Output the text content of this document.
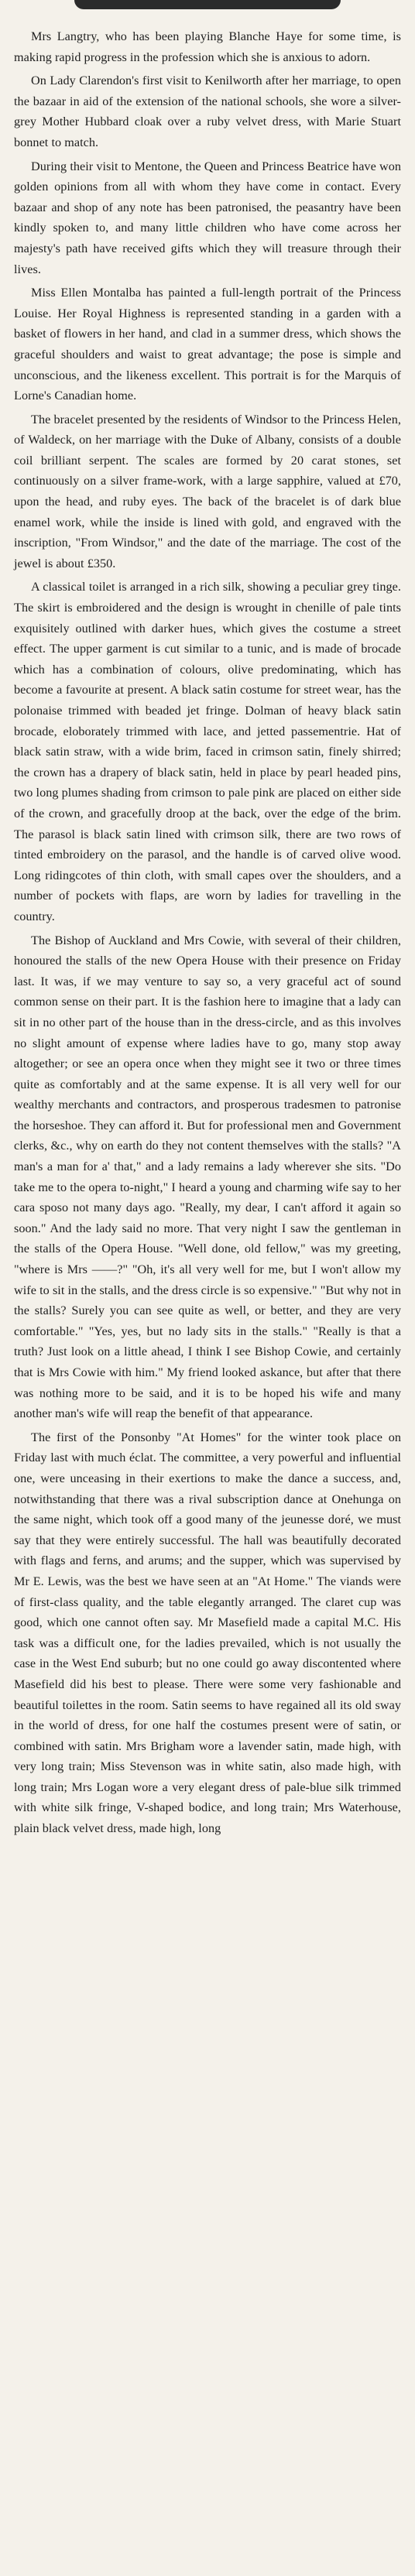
Mrs Langtry, who has been playing Blanche Haye for some time, is making rapid progress in the profession which she is anxious to adorn.

On Lady Clarendon's first visit to Kenilworth after her marriage, to open the bazaar in aid of the extension of the national schools, she wore a silver-grey Mother Hubbard cloak over a ruby velvet dress, with Marie Stuart bonnet to match.

During their visit to Mentone, the Queen and Princess Beatrice have won golden opinions from all with whom they have come in contact. Every bazaar and shop of any note has been patronised, the peasantry have been kindly spoken to, and many little children who have come across her majesty's path have received gifts which they will treasure through their lives.

Miss Ellen Montalba has painted a full-length portrait of the Princess Louise. Her Royal Highness is represented standing in a garden with a basket of flowers in her hand, and clad in a summer dress, which shows the graceful shoulders and waist to great advantage; the pose is simple and unconscious, and the likeness excellent. This portrait is for the Marquis of Lorne's Canadian home.

The bracelet presented by the residents of Windsor to the Princess Helen, of Waldeck, on her marriage with the Duke of Albany, consists of a double coil brilliant serpent. The scales are formed by 20 carat stones, set continuously on a silver frame-work, with a large sapphire, valued at £70, upon the head, and ruby eyes. The back of the bracelet is of dark blue enamel work, while the inside is lined with gold, and engraved with the inscription, "From Windsor," and the date of the marriage. The cost of the jewel is about £350.

A classical toilet is arranged in a rich silk, showing a peculiar grey tinge. The skirt is embroidered and the design is wrought in chenille of pale tints exquisitely outlined with darker hues, which gives the costume a street effect. The upper garment is cut similar to a tunic, and is made of brocade which has a combination of colours, olive predominating, which has become a favourite at present. A black satin costume for street wear, has the polonaise trimmed with beaded jet fringe. Dolman of heavy black satin brocade, eloborately trimmed with lace, and jetted passementrie. Hat of black satin straw, with a wide brim, faced in crimson satin, finely shirred; the crown has a drapery of black satin, held in place by pearl headed pins, two long plumes shading from crimson to pale pink are placed on either side of the crown, and gracefully droop at the back, over the edge of the brim. The parasol is black satin lined with crimson silk, there are two rows of tinted embroidery on the parasol, and the handle is of carved olive wood. Long ridingcotes of thin cloth, with small capes over the shoulders, and a number of pockets with flaps, are worn by ladies for travelling in the country.

The Bishop of Auckland and Mrs Cowie, with several of their children, honoured the stalls of the new Opera House with their presence on Friday last. It was, if we may venture to say so, a very graceful act of sound common sense on their part. It is the fashion here to imagine that a lady can sit in no other part of the house than in the dress-circle, and as this involves no slight amount of expense where ladies have to go, many stop away altogether; or see an opera once when they might see it two or three times quite as comfortably and at the same expense. It is all very well for our wealthy merchants and contractors, and prosperous tradesmen to patronise the horseshoe. They can afford it. But for professional men and Government clerks, &c., why on earth do they not content themselves with the stalls? "A man's a man for a' that," and a lady remains a lady wherever she sits. "Do take me to the opera to-night," I heard a young and charming wife say to her cara sposo not many days ago. "Really, my dear, I can't afford it again so soon." And the lady said no more. That very night I saw the gentleman in the stalls of the Opera House. "Well done, old fellow," was my greeting, "where is Mrs ——?" "Oh, it's all very well for me, but I won't allow my wife to sit in the stalls, and the dress circle is so expensive." "But why not in the stalls? Surely you can see quite as well, or better, and they are very comfortable." "Yes, yes, but no lady sits in the stalls." "Really is that a truth? Just look on a little ahead, I think I see Bishop Cowie, and certainly that is Mrs Cowie with him." My friend looked askance, but after that there was nothing more to be said, and it is to be hoped his wife and many another man's wife will reap the benefit of that appearance.

The first of the Ponsonby "At Homes" for the winter took place on Friday last with much éclat. The committee, a very powerful and influential one, were unceasing in their exertions to make the dance a success, and, notwithstanding that there was a rival subscription dance at Onehunga on the same night, which took off a good many of the jeunesse doré, we must say that they were entirely successful. The hall was beautifully decorated with flags and ferns, and arums; and the supper, which was supervised by Mr E. Lewis, was the best we have seen at an "At Home." The viands were of first-class quality, and the table elegantly arranged. The claret cup was good, which one cannot often say. Mr Masefield made a capital M.C. His task was a difficult one, for the ladies prevailed, which is not usually the case in the West End suburb; but no one could go away discontented where Masefield did his best to please. There were some very fashionable and beautiful toilettes in the room. Satin seems to have regained all its old sway in the world of dress, for one half the costumes present were of satin, or combined with satin. Mrs Brigham wore a lavender satin, made high, with very long train; Miss Stevenson was in white satin, also made high, with long train; Mrs Logan wore a very elegant dress of pale-blue silk trimmed with white silk fringe, V-shaped bodice, and long train; Mrs Waterhouse, plain black velvet dress, made high, long
